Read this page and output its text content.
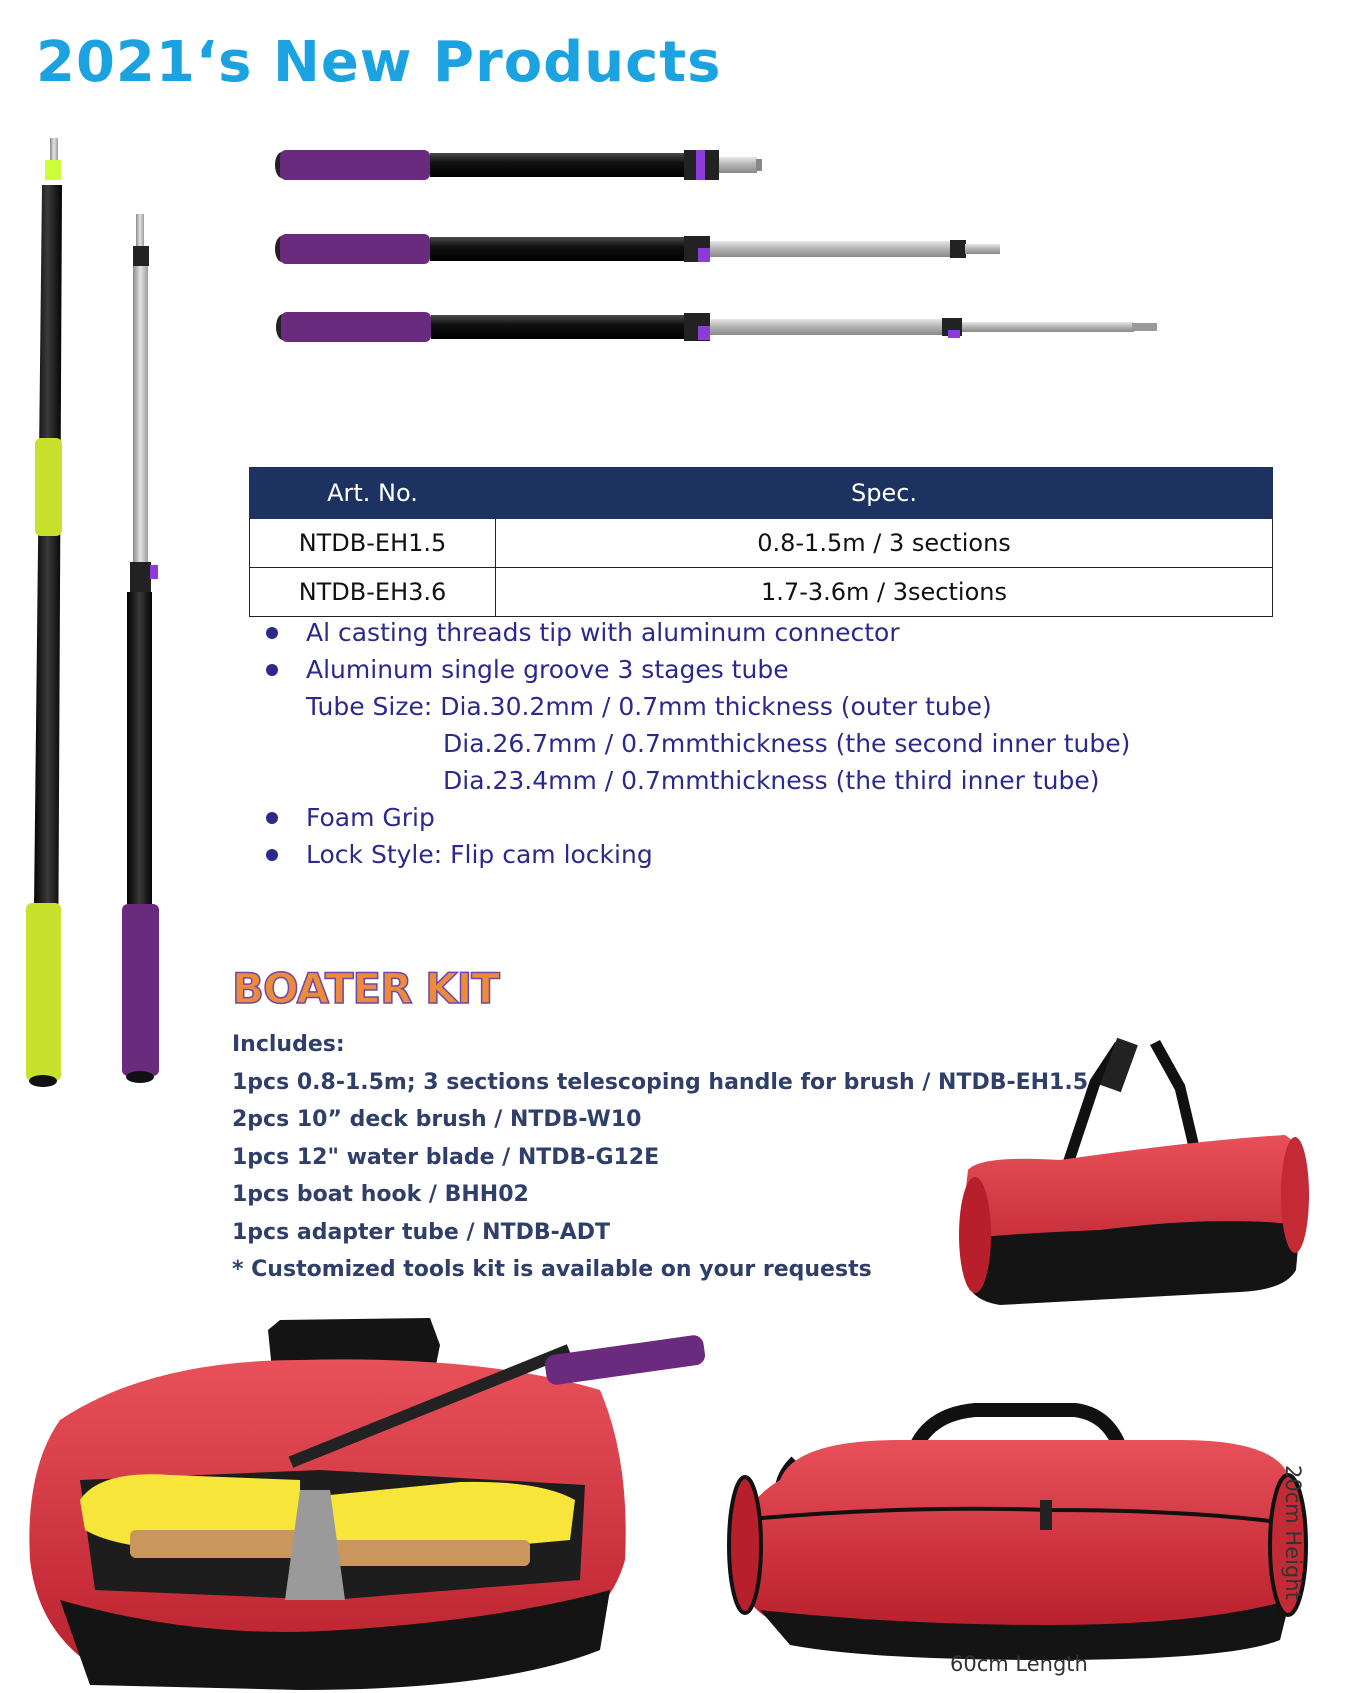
2021‘s New Products
Art. No.	Spec.
NTDB-EH1.5	0.8-1.5m / 3 sections
NTDB-EH3.6	1.7-3.6m / 3sections
Al casting threads tip with aluminum connector
Aluminum single groove 3 stages tube
Tube Size: Dia.30.2mm / 0.7mm thickness (outer tube)
Dia.26.7mm / 0.7mmthickness (the second inner tube)
Dia.23.4mm / 0.7mmthickness (the third inner tube)
Foam Grip
Lock Style: Flip cam locking
BOATER KIT
Includes:
1pcs 0.8-1.5m; 3 sections telescoping handle for brush / NTDB-EH1.5
2pcs 10” deck brush / NTDB-W10
1pcs 12" water blade / NTDB-G12E
1pcs boat hook / BHH02
1pcs adapter tube / NTDB-ADT
* Customized tools kit is available on your requests
60cm Length
20cm Height
